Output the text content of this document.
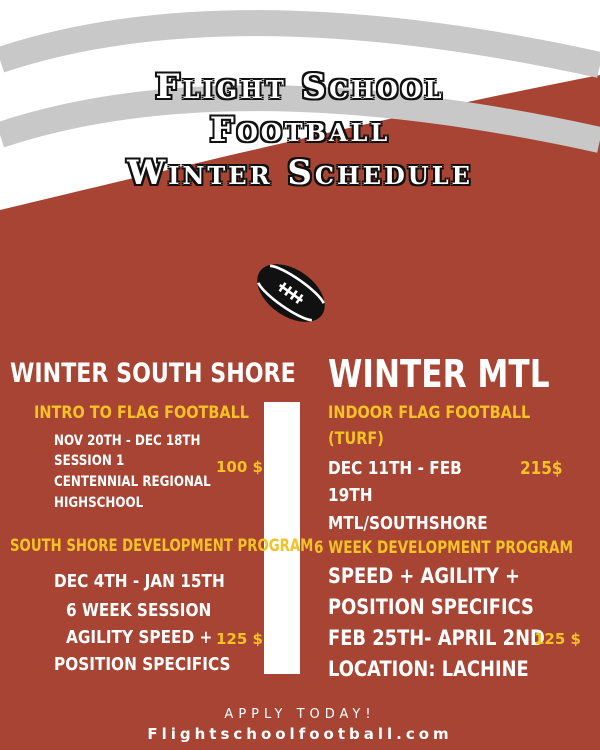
Flight School
Football
Winter Schedule
WINTER SOUTH SHORE
INTRO TO FLAG FOOTBALL
NOV 20TH - DEC 18TH
SESSION 1
CENTENNIAL REGIONAL
HIGHSCHOOL
100 $
SOUTH SHORE DEVELOPMENT PROGRAM
DEC 4TH - JAN 15TH
6 WEEK SESSION
AGILITY SPEED +
POSITION SPECIFICS
125 $
WINTER MTL
INDOOR FLAG FOOTBALL
(TURF)
DEC 11TH - FEB
19TH
MTL/SOUTHSHORE
215$
6 WEEK DEVELOPMENT PROGRAM
SPEED + AGILITY +
POSITION SPECIFICS
FEB 25TH- APRIL 2ND
LOCATION: LACHINE
125 $
APPLY TODAY!
Flightschoolfootball.com
